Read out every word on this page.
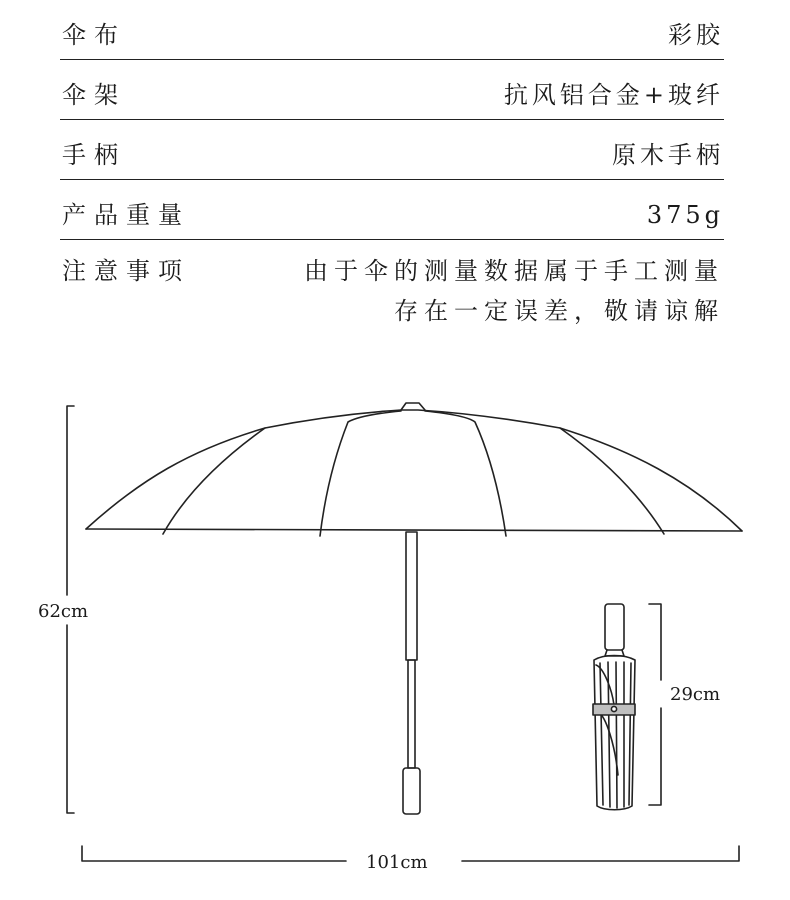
伞布	彩胶
伞架	抗风铝合金+玻纤
手柄	原木手柄
产品重量	375g
注意事项	由于伞的测量数据属于手工测量
存在一定误差，敬请谅解
62cm
29cm
101cm
